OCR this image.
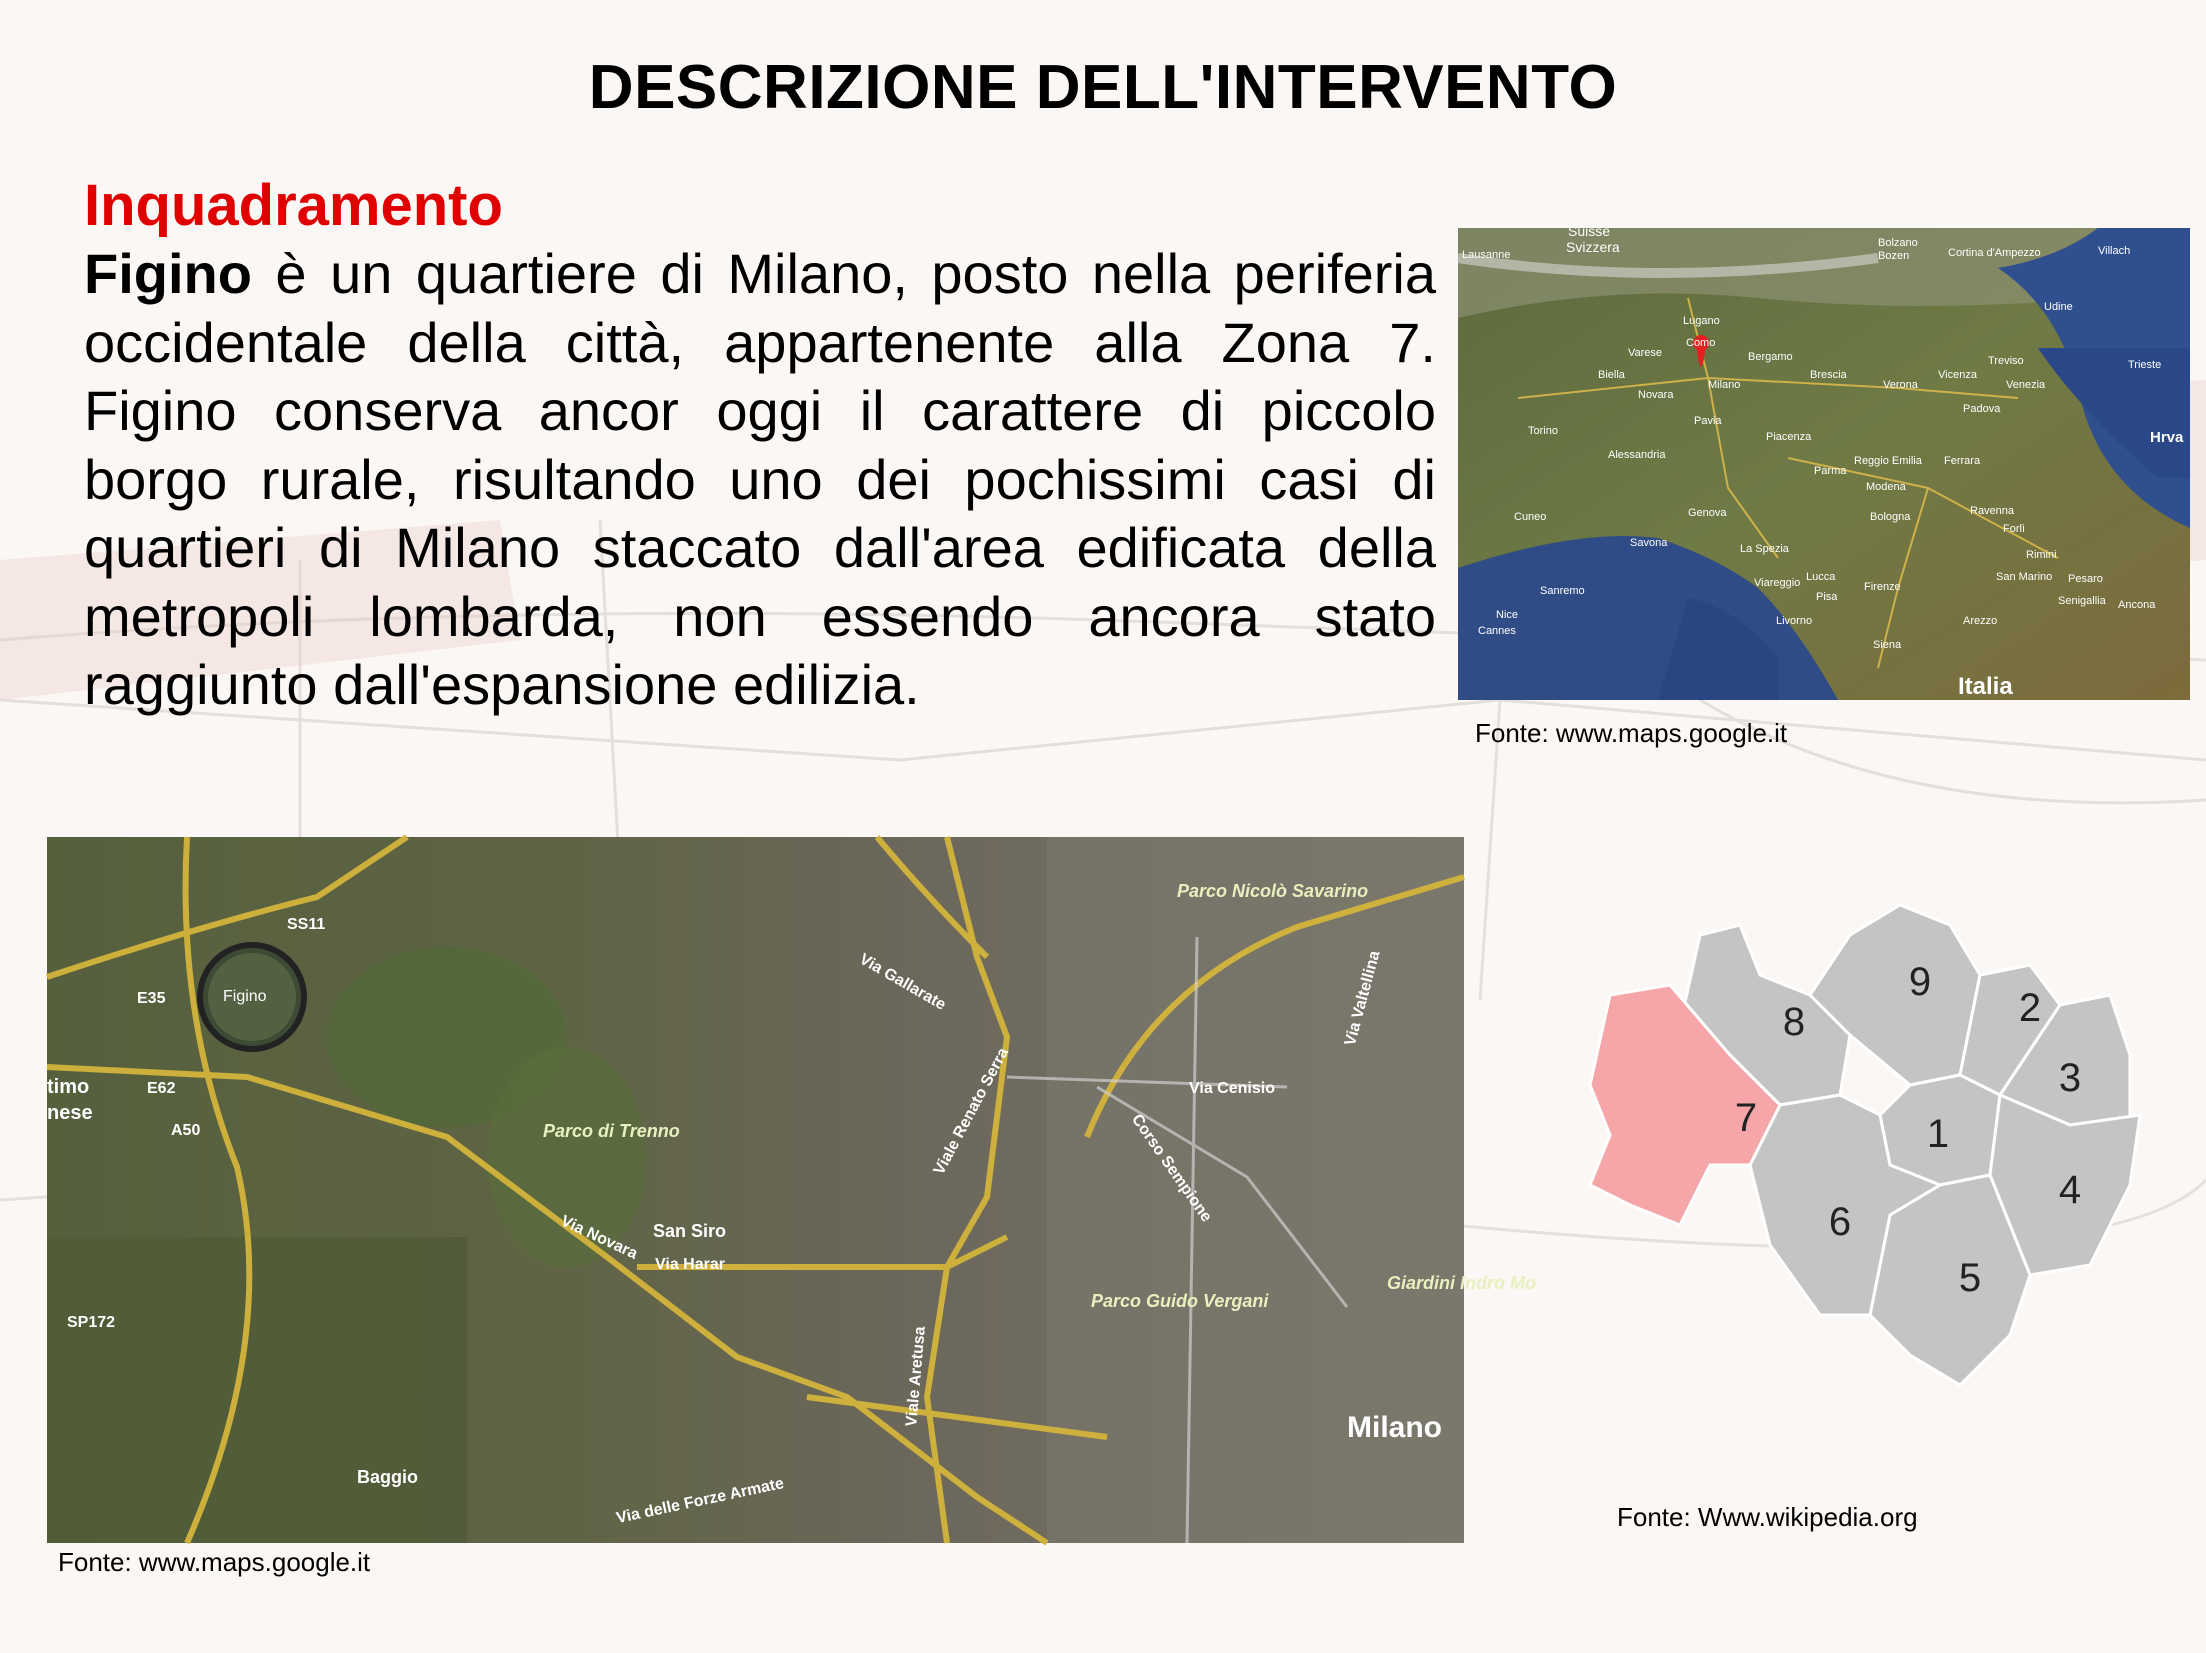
DESCRIZIONE DELL'INTERVENTO
Inquadramento
Figino è un quartiere di Milano, posto nella periferia occidentale della città, appartenente alla Zona 7. Figino conserva ancor oggi il carattere di piccolo borgo rurale, risultando uno dei pochissimi casi di quartieri di Milano staccato dall'area edificata della metropoli lombarda, non essendo ancora stato raggiunto dall'espansione edilizia.
Suisse
Svizzera
Lausanne
Bolzano
Bozen	Cortina d'Ampezzo	Villach
Udine
Trieste
Lugano
Como
Varese	Bergamo
Brescia
Verona
Vicenza
Treviso
Venezia
Padova
Biella
Novara
Milano
Torino
Pavia
Piacenza
Alessandria
Parma
Reggio Emilia
Modena
Ferrara
Bologna	Ravenna
Cuneo	Genova
Savona	La Spezia
Forlì
Rimini
San Marino Pesaro
Senigallia Ancona
Viareggio Lucca
Pisa
Firenze
Arezzo
Livorno
Siena
Sanremo
Nice
Cannes
Italia
Hrva
Fonte: www.maps.google.it
SS11
E35
E62
A50
Figino
Parco di Trenno
San Siro
Via Harar
Via Novara
Viale Renato Serra
Via Gallarate
Via Cenisio
Corso Sempione
Via Valtellina
Parco Nicolò Savarino
Parco Guido Vergani
Giardini Indro Mo
Viale Aretusa
Via delle Forze Armate
Baggio
SP172
Milano
timo
nese
Fonte: www.maps.google.it
1
2
3
4
5
6
7
8
9
Fonte: Www.wikipedia.org
